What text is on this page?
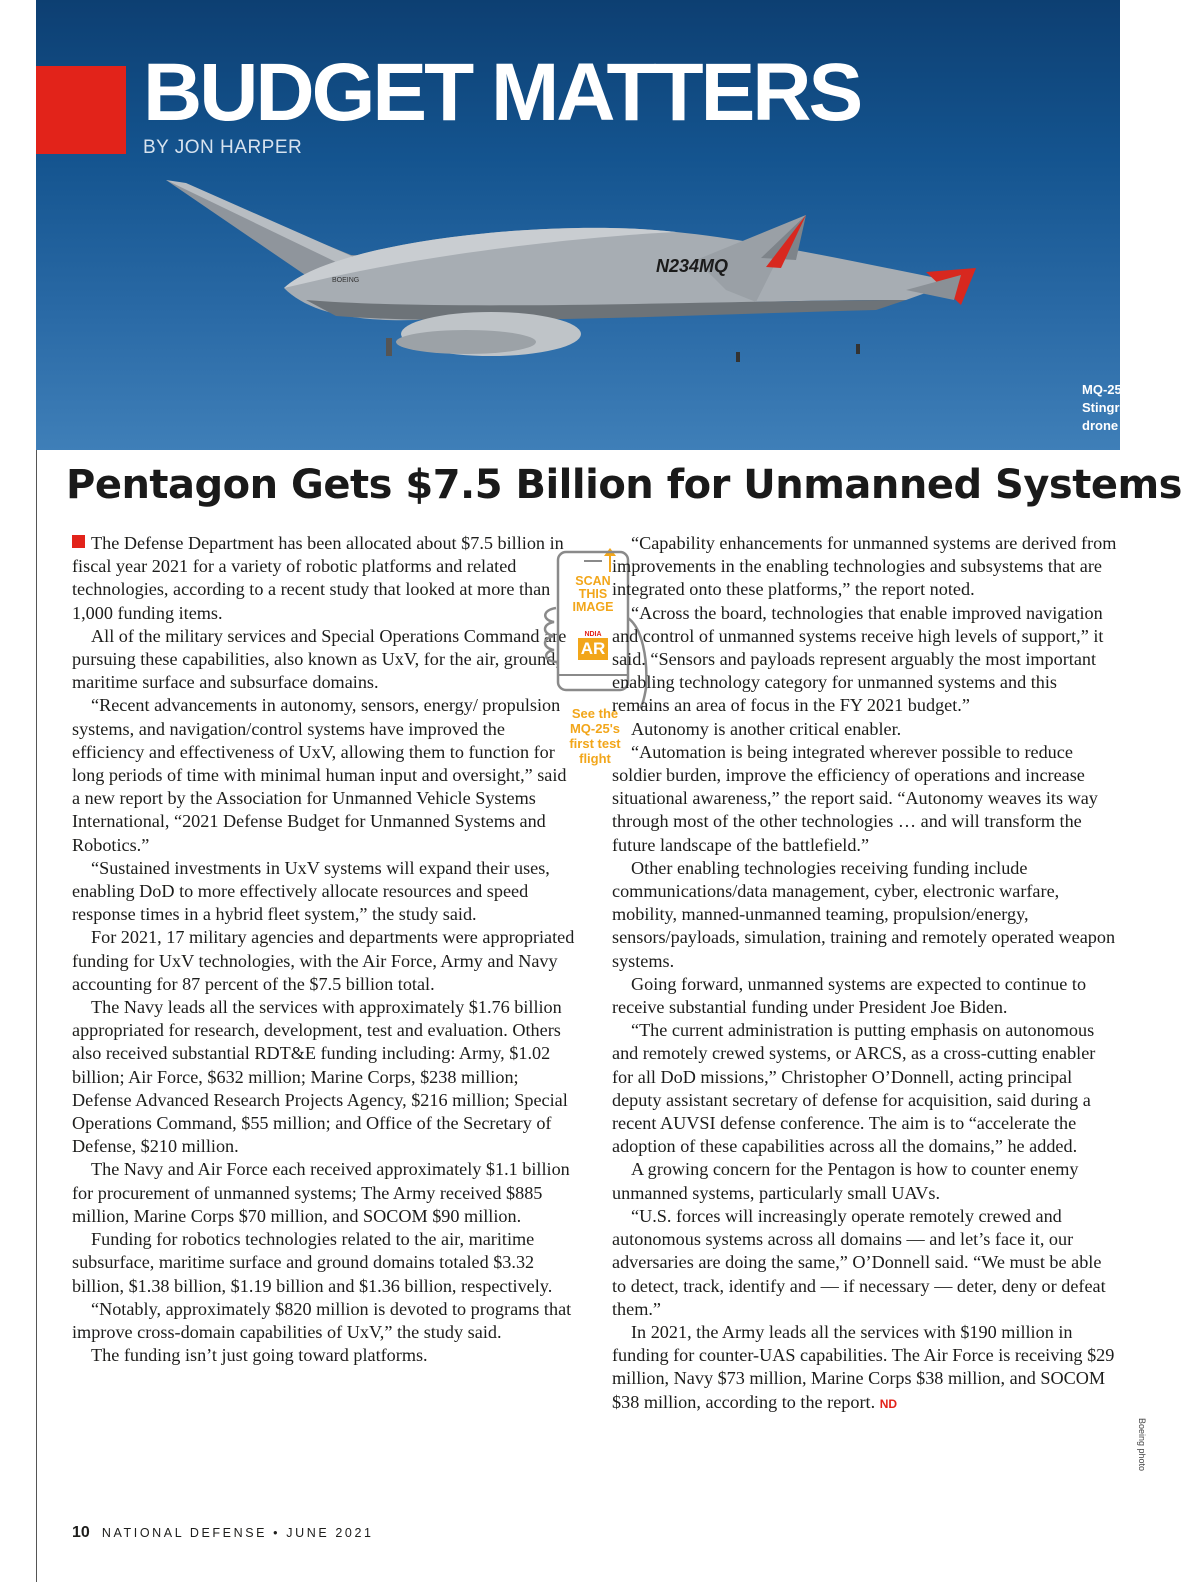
N234MQ
BOEING
MQ-25
Stingray
drone
BUDGET MATTERS
BY JON HARPER
Pentagon Gets $7.5 Billion for Unmanned Systems

The Defense Department has been allocated about $7.5 billion in fiscal year 2021 for a variety of robotic platforms and related technologies, according to a recent study that looked at more than 1,000 funding items.

All of the military services and Special Operations Command are pursuing these capabilities, also known as UxV, for the air, ground, maritime surface and subsurface domains.

“Recent advancements in autonomy, sensors, energy/ propulsion systems, and navigation/control systems have improved the efficiency and effectiveness of UxV, allowing them to function for long periods of time with minimal human input and oversight,” said a new report by the Association for Unmanned Vehicle Systems International, “2021 Defense Budget for Unmanned Systems and Robotics.”

“Sustained investments in UxV systems will expand their uses, enabling DoD to more effectively allocate resources and speed response times in a hybrid fleet system,” the study said.

For 2021, 17 military agencies and departments were appropriated funding for UxV technologies, with the Air Force, Army and Navy accounting for 87 percent of the $7.5 billion total.

The Navy leads all the services with approximately $1.76 billion appropriated for research, development, test and evaluation. Others also received substantial RDT&E funding including: Army, $1.02 billion; Air Force, $632 million; Marine Corps, $238 million; Defense Advanced Research Projects Agency, $216 million; Special Operations Command, $55 million; and Office of the Secretary of Defense, $210 million.

The Navy and Air Force each received approximately $1.1 billion for procurement of unmanned systems; The Army received $885 million, Marine Corps $70 million, and SOCOM $90 million.

Funding for robotics technologies related to the air, maritime subsurface, maritime surface and ground domains totaled $3.32 billion, $1.38 billion, $1.19 billion and $1.36 billion, respectively.

“Notably, approximately $820 million is devoted to programs that improve cross-domain capabilities of UxV,” the study said.

The funding isn’t just going toward platforms.

SCAN
THIS
IMAGE
NDIA
AR
See the
MQ-25's
first test
flight

“Capability enhancements for unmanned systems are derived from improvements in the enabling technologies and subsystems that are integrated onto these platforms,” the report noted.

“Across the board, technologies that enable improved navigation and control of unmanned systems receive high levels of support,” it said. “Sensors and payloads represent arguably the most important enabling technology category for unmanned systems and this remains an area of focus in the FY 2021 budget.”

Autonomy is another critical enabler.

“Automation is being integrated wherever possible to reduce soldier burden, improve the efficiency of operations and increase situational awareness,” the report said. “Autonomy weaves its way through most of the other technologies … and will transform the future landscape of the battlefield.”

Other enabling technologies receiving funding include communications/data management, cyber, electronic warfare, mobility, manned-unmanned teaming, propulsion/energy, sensors/payloads, simulation, training and remotely operated weapon systems.

Going forward, unmanned systems are expected to continue to receive substantial funding under President Joe Biden.

“The current administration is putting emphasis on autonomous and remotely crewed systems, or ARCS, as a cross-cutting enabler for all DoD missions,” Christopher O’Donnell, acting principal deputy assistant secretary of defense for acquisition, said during a recent AUVSI defense conference. The aim is to “accelerate the adoption of these capabilities across all the domains,” he added.

A growing concern for the Pentagon is how to counter enemy unmanned systems, particularly small UAVs.

“U.S. forces will increasingly operate remotely crewed and autonomous systems across all domains — and let’s face it, our adversaries are doing the same,” O’Donnell said. “We must be able to detect, track, identify and — if necessary — deter, deny or defeat them.”

In 2021, the Army leads all the services with $190 million in funding for counter-UAS capabilities. The Air Force is receiving $29 million, Navy $73 million, Marine Corps $38 million, and SOCOM $38 million, according to the report. ND

10 NATIONAL DEFENSE • JUNE 2021
Boeing photo
